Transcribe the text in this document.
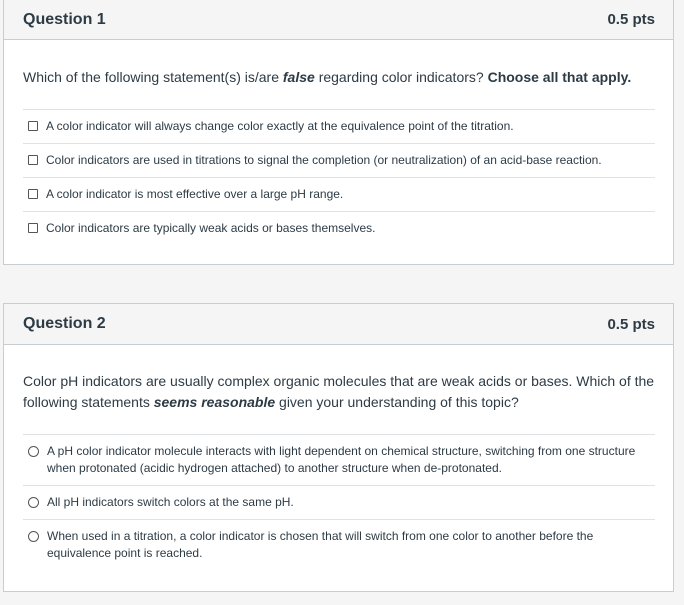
Question 1	0.5 pts
Which of the following statement(s) is/are false regarding color indicators? Choose all that apply.
A color indicator will always change color exactly at the equivalence point of the titration.
Color indicators are used in titrations to signal the completion (or neutralization) of an acid-base reaction.
A color indicator is most effective over a large pH range.
Color indicators are typically weak acids or bases themselves.
Question 2	0.5 pts
Color pH indicators are usually complex organic molecules that are weak acids or bases. Which of the following statements seems reasonable given your understanding of this topic?
A pH color indicator molecule interacts with light dependent on chemical structure, switching from one structure when protonated (acidic hydrogen attached) to another structure when de-protonated.
All pH indicators switch colors at the same pH.
When used in a titration, a color indicator is chosen that will switch from one color to another before the equivalence point is reached.
